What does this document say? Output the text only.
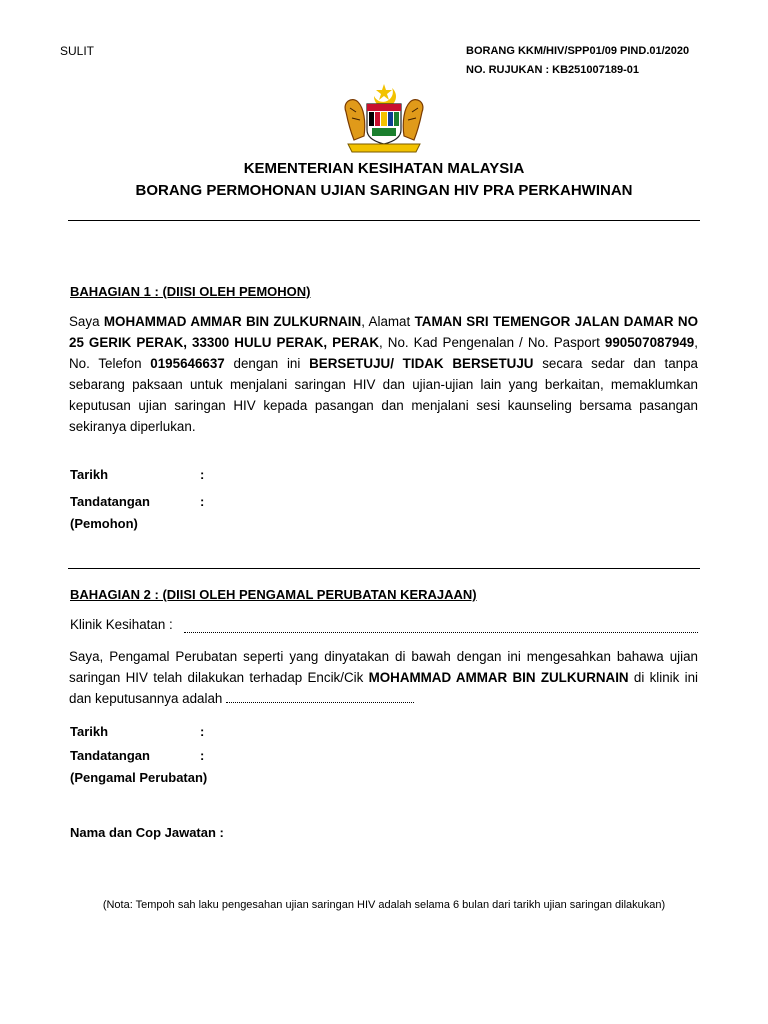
SULIT	BORANG KKM/HIV/SPP01/09 PIND.01/2020
NO. RUJUKAN : KB251007189-01
KEMENTERIAN KESIHATAN MALAYSIA
BORANG PERMOHONAN UJIAN SARINGAN HIV PRA PERKAHWINAN
BAHAGIAN 1 : (DIISI OLEH PEMOHON)
Saya MOHAMMAD AMMAR BIN ZULKURNAIN, Alamat TAMAN SRI TEMENGOR JALAN DAMAR NO 25 GERIK PERAK, 33300 HULU PERAK, PERAK, No. Kad Pengenalan / No. Pasport 990507087949, No. Telefon 0195646637 dengan ini BERSETUJU/ TIDAK BERSETUJU secara sedar dan tanpa sebarang paksaan untuk menjalani saringan HIV dan ujian-ujian lain yang berkaitan, memaklumkan keputusan ujian saringan HIV kepada pasangan dan menjalani sesi kaunseling bersama pasangan sekiranya diperlukan.
Tarikh	:
Tandatangan	:
(Pemohon)
BAHAGIAN 2 : (DIISI OLEH PENGAMAL PERUBATAN KERAJAAN)
Klinik Kesihatan :
Saya, Pengamal Perubatan seperti yang dinyatakan di bawah dengan ini mengesahkan bahawa ujian saringan HIV telah dilakukan terhadap Encik/Cik MOHAMMAD AMMAR BIN ZULKURNAIN di klinik ini dan keputusannya adalah
Tarikh	:
Tandatangan	:
(Pengamal Perubatan)
Nama dan Cop Jawatan :
(Nota: Tempoh sah laku pengesahan ujian saringan HIV adalah selama 6 bulan dari tarikh ujian saringan dilakukan)
